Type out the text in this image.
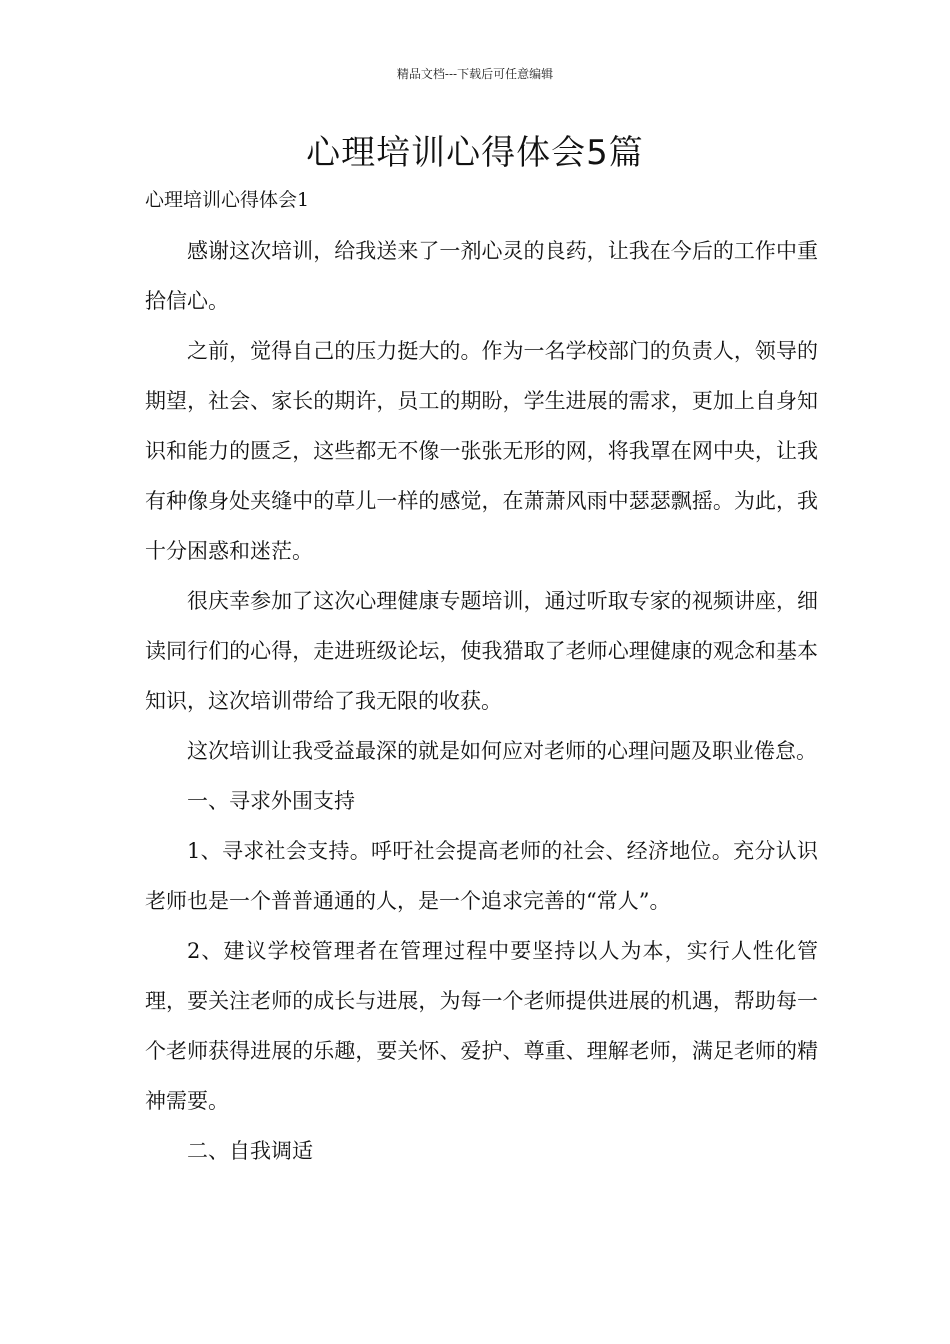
精品文档---下载后可任意编辑
心理培训心得体会5篇
心理培训心得体会1

感谢这次培训，给我送来了一剂心灵的良药，让我在今后的工作中重拾信心。

之前，觉得自己的压力挺大的。作为一名学校部门的负责人，领导的期望，社会、家长的期许，员工的期盼，学生进展的需求，更加上自身知识和能力的匮乏，这些都无不像一张张无形的网，将我罩在网中央，让我有种像身处夹缝中的草儿一样的感觉，在萧萧风雨中瑟瑟飘摇。为此，我十分困惑和迷茫。

很庆幸参加了这次心理健康专题培训，通过听取专家的视频讲座，细读同行们的心得，走进班级论坛，使我猎取了老师心理健康的观念和基本知识，这次培训带给了我无限的收获。

这次培训让我受益最深的就是如何应对老师的心理问题及职业倦怠。

一、寻求外围支持

1、寻求社会支持。呼吁社会提高老师的社会、经济地位。充分认识老师也是一个普普通通的人，是一个追求完善的“常人”。

2、建议学校管理者在管理过程中要坚持以人为本，实行人性化管理，要关注老师的成长与进展，为每一个老师提供进展的机遇，帮助每一个老师获得进展的乐趣，要关怀、爱护、尊重、理解老师，满足老师的精神需要。

二、自我调适
